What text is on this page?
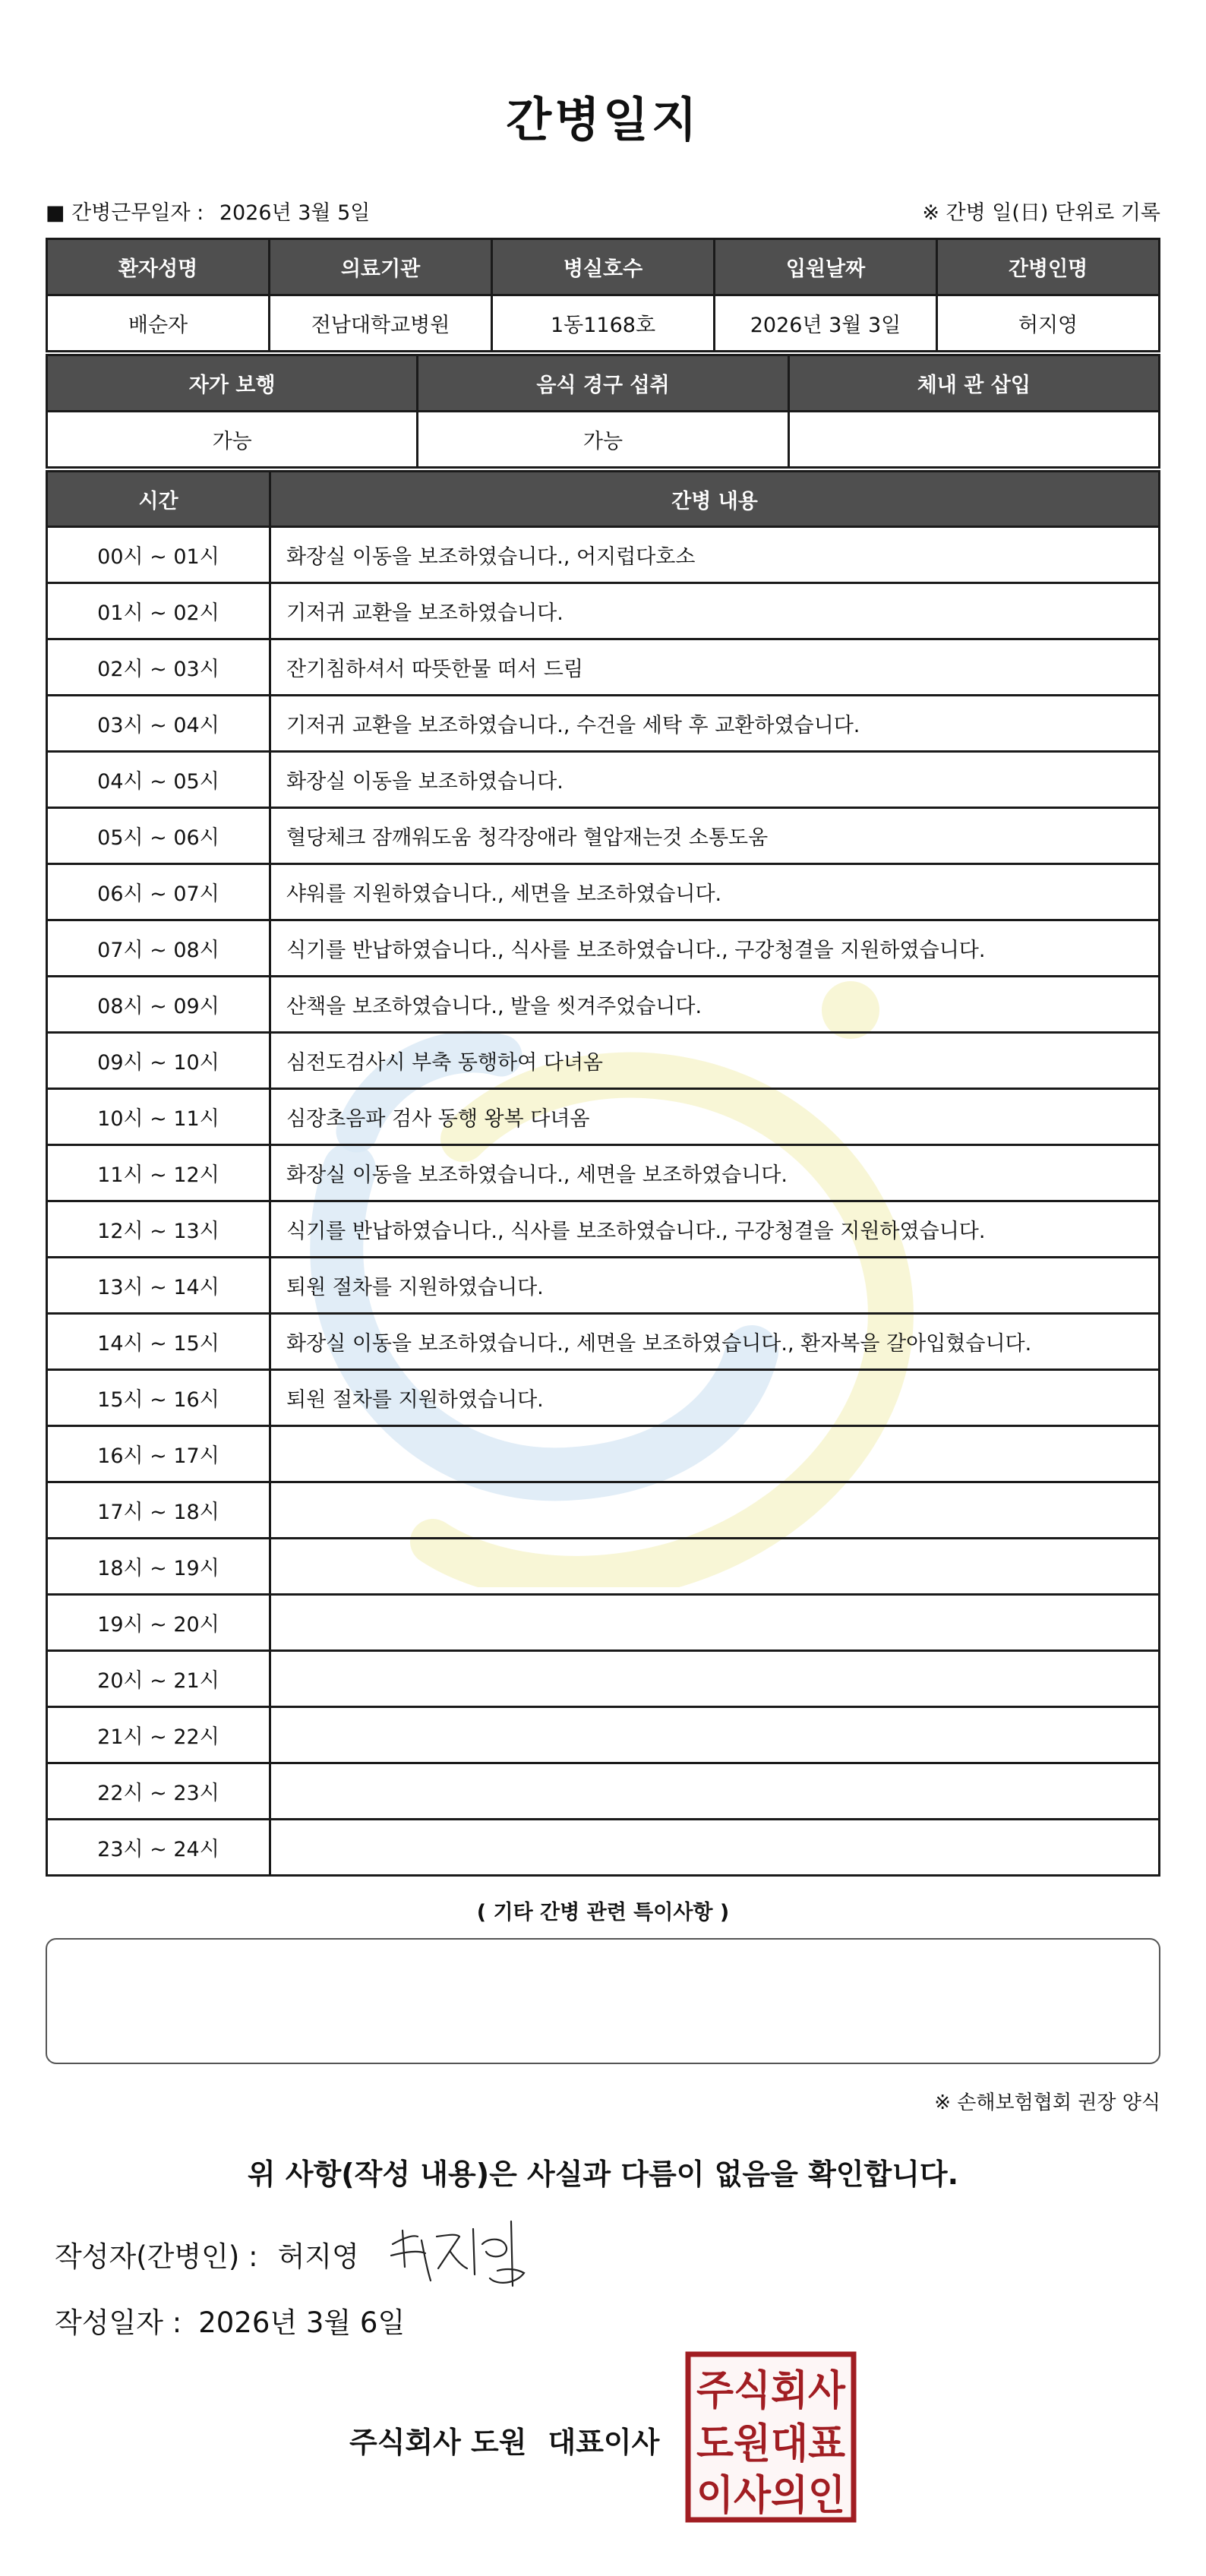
간병일지
■ 간병근무일자 : 2026년 3월 5일	※ 간병 일(日) 단위로 기록
환자성명	의료기관	병실호수	입원날짜	간병인명
배순자	전남대학교병원	1동1168호	2026년 3월 3일	허지영
자가 보행	음식 경구 섭취	체내 관 삽입
가능	가능	
시간	간병 내용
00시 ~ 01시	화장실 이동을 보조하였습니다., 어지럽다호소
01시 ~ 02시	기저귀 교환을 보조하였습니다.
02시 ~ 03시	잔기침하셔서 따뜻한물 떠서 드림
03시 ~ 04시	기저귀 교환을 보조하였습니다., 수건을 세탁 후 교환하였습니다.
04시 ~ 05시	화장실 이동을 보조하였습니다.
05시 ~ 06시	혈당체크 잠깨워도움 청각장애라 혈압재는것 소통도움
06시 ~ 07시	샤워를 지원하였습니다., 세면을 보조하였습니다.
07시 ~ 08시	식기를 반납하였습니다., 식사를 보조하였습니다., 구강청결을 지원하였습니다.
08시 ~ 09시	산책을 보조하였습니다., 발을 씻겨주었습니다.
09시 ~ 10시	심전도검사시 부축 동행하여 다녀옴
10시 ~ 11시	심장초음파 검사 동행 왕복 다녀옴
11시 ~ 12시	화장실 이동을 보조하였습니다., 세면을 보조하였습니다.
12시 ~ 13시	식기를 반납하였습니다., 식사를 보조하였습니다., 구강청결을 지원하였습니다.
13시 ~ 14시	퇴원 절차를 지원하였습니다.
14시 ~ 15시	화장실 이동을 보조하였습니다., 세면을 보조하였습니다., 환자복을 갈아입혔습니다.
15시 ~ 16시	퇴원 절차를 지원하였습니다.
16시 ~ 17시	
17시 ~ 18시	
18시 ~ 19시	
19시 ~ 20시	
20시 ~ 21시	
21시 ~ 22시	
22시 ~ 23시	
23시 ~ 24시	
( 기타 간병 관련 특이사항 )
※ 손해보험협회 권장 양식
위 사항(작성 내용)은 사실과 다름이 없음을 확인합니다.
작성자(간병인) : 허지영
작성일자 : 2026년 3월 6일
주식회사 도원 대표이사
주식회사
도원대표
이사의인
